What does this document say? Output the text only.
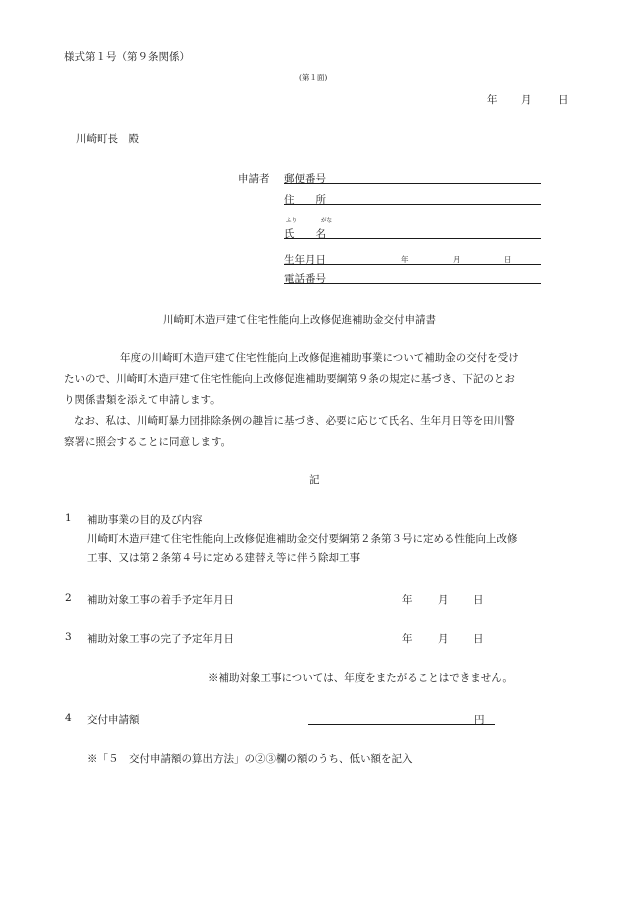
様式第１号（第９条関係）
(第１面)
年 月	日
川崎町長　殿
申請者 郵便番号
住　　所
ふり	がな
氏　　名
生年月日	年	月	日
電話番号
川崎町木造戸建て住宅性能向上改修促進補助金交付申請書
年度の川崎町木造戸建て住宅性能向上改修促進補助事業について補助金の交付を受け
たいので、川崎町木造戸建て住宅性能向上改修促進補助要綱第９条の規定に基づき、下記のとお
り関係書類を添えて申請します。
なお、私は、川崎町暴力団排除条例の趣旨に基づき、必要に応じて氏名、生年月日等を田川警
察署に照会することに同意します。
記
1 補助事業の目的及び内容
川崎町木造戸建て住宅性能向上改修促進補助金交付要綱第２条第３号に定める性能向上改修
工事、又は第２条第４号に定める建替え等に伴う除却工事
2 補助対象工事の着手予定年月日	年 月 日
3 補助対象工事の完了予定年月日	年 月 日
※補助対象工事については、年度をまたがることはできません。
4 交付申請額	円
※「５　交付申請額の算出方法」の②③欄の額のうち、低い額を記入
